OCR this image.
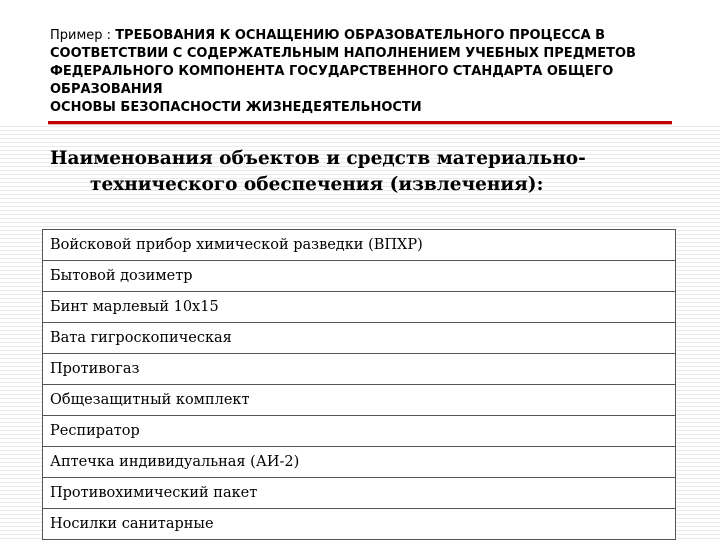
Пример : ТРЕБОВАНИЯ К ОСНАЩЕНИЮ ОБРАЗОВАТЕЛЬНОГО ПРОЦЕССА В СООТВЕТСТВИИ С СОДЕРЖАТЕЛЬНЫМ НАПОЛНЕНИЕМ УЧЕБНЫХ ПРЕДМЕТОВ ФЕДЕРАЛЬНОГО КОМПОНЕНТА ГОСУДАРСТВЕННОГО СТАНДАРТА ОБЩЕГО ОБРАЗОВАНИЯ
ОСНОВЫ БЕЗОПАСНОСТИ ЖИЗНЕДЕЯТЕЛЬНОСТИ
Наименования объектов и средств материально-технического обеспечения (извлечения):
Войсковой прибор химической разведки (ВПХР)
Бытовой дозиметр
Бинт марлевый 10х15
Вата гигроскопическая
Противогаз
Общезащитный комплект
Респиратор
Аптечка индивидуальная (АИ-2)
Противохимический пакет
Носилки санитарные
